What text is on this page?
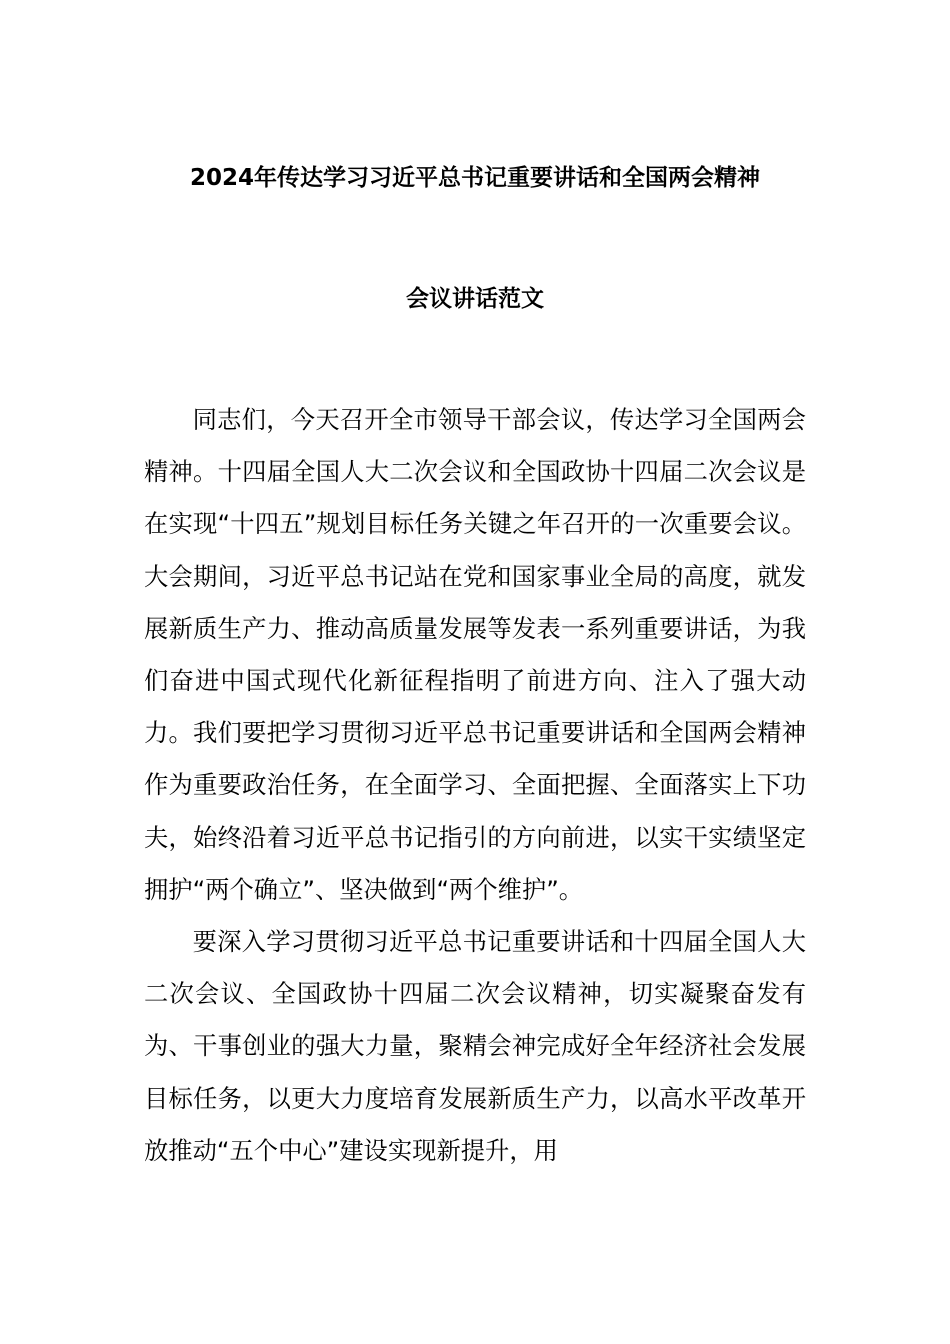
2024年传达学习习近平总书记重要讲话和全国两会精神
会议讲话范文

同志们，今天召开全市领导干部会议，传达学习全国两会精神。十四届全国人大二次会议和全国政协十四届二次会议是在实现“十四五”规划目标任务关键之年召开的一次重要会议。大会期间，习近平总书记站在党和国家事业全局的高度，就发展新质生产力、推动高质量发展等发表一系列重要讲话，为我们奋进中国式现代化新征程指明了前进方向、注入了强大动力。我们要把学习贯彻习近平总书记重要讲话和全国两会精神作为重要政治任务，在全面学习、全面把握、全面落实上下功夫，始终沿着习近平总书记指引的方向前进，以实干实绩坚定拥护“两个确立”、坚决做到“两个维护”。

要深入学习贯彻习近平总书记重要讲话和十四届全国人大二次会议、全国政协十四届二次会议精神，切实凝聚奋发有为、干事创业的强大力量，聚精会神完成好全年经济社会发展目标任务，以更大力度培育发展新质生产力，以高水平改革开放推动“五个中心”建设实现新提升，用
